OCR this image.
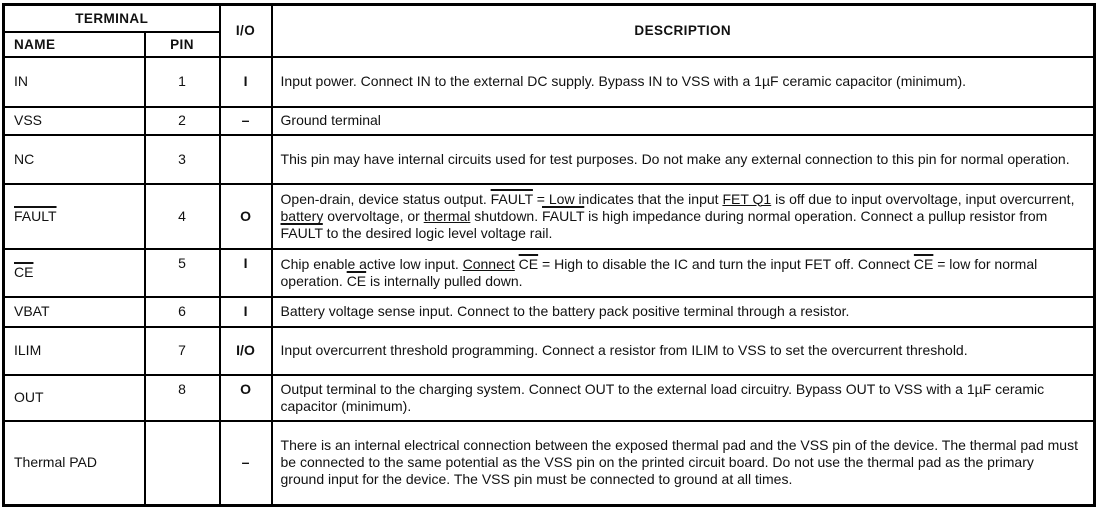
TERMINAL		I/O	DESCRIPTION
NAME	PIN		
IN	1	I	Input power. Connect IN to the external DC supply. Bypass IN to VSS with a 1µF ceramic capacitor (minimum).
VSS	2	–	Ground terminal
NC	3		This pin may have internal circuits used for test purposes. Do not make any external connection to this pin for normal operation.
FAULT	4	O	Open-drain, device status output. FAULT = Low indicates that the input FET Q1 is off due to input overvoltage, input overcurrent, battery overvoltage, or thermal shutdown. FAULT is high impedance during normal operation. Connect a pullup resistor from FAULT to the desired logic level voltage rail.
$\overline{CE}$	5	I	Chip enable active low input. Connect $\overline{CE}$ = High to disable the IC and turn the input FET off. Connect $\overline{CE}$ = low for normal operation. $\overline{CE}$ is internally pulled down.
VBAT	6	I	Battery voltage sense input. Connect to the battery pack positive terminal through a resistor.
ILIM	7	I/O	Input overcurrent threshold programming. Connect a resistor from ILIM to VSS to set the overcurrent threshold.
OUT	8	O	Output terminal to the charging system. Connect OUT to the external load circuitry. Bypass OUT to VSS with a 1µF ceramic capacitor (minimum).
Thermal PAD		–	There is an internal electrical connection between the exposed thermal pad and the VSS pin of the device. The thermal pad must be connected to the same potential as the VSS pin on the printed circuit board. Do not use the thermal pad as the primary ground input for the device. The VSS pin must be connected to ground at all times.
